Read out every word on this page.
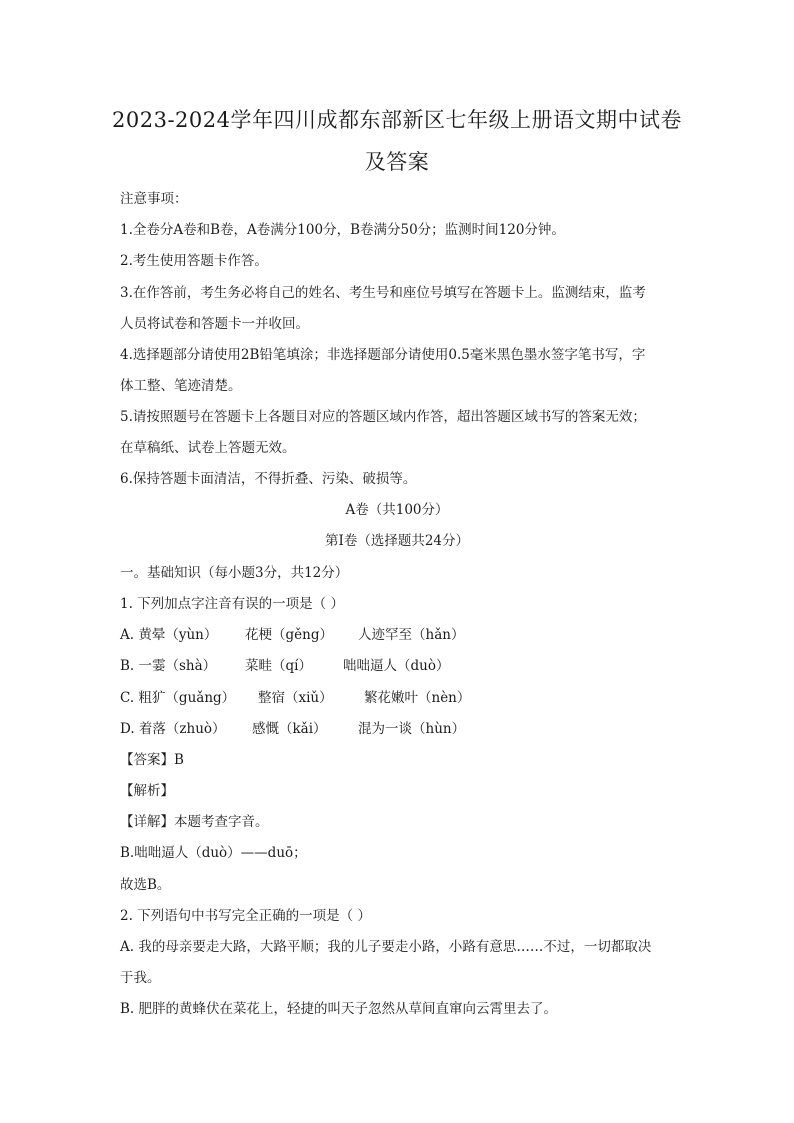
2023-2024学年四川成都东部新区七年级上册语文期中试卷
及答案
注意事项：
1.全卷分A卷和B卷，A卷满分100分，B卷满分50分；监测时间120分钟。
2.考生使用答题卡作答。
3.在作答前，考生务必将自己的姓名、考生号和座位号填写在答题卡上。监测结束，监考
人员将试卷和答题卡一并收回。
4.选择题部分请使用2B铅笔填涂；非选择题部分请使用0.5毫米黑色墨水签字笔书写，字
体工整、笔迹清楚。
5.请按照题号在答题卡上各题目对应的答题区域内作答，超出答题区域书写的答案无效；
在草稿纸、试卷上答题无效。
6.保持答题卡面清洁，不得折叠、污染、破损等。
A卷（共100分）
第Ⅰ卷（选择题共24分）
一。基础知识（每小题3分，共12分）
1. 下列加点字注音有误的一项是（ ）
A. 黄晕（yùn） 花梗（gěng） 人迹罕至（hǎn）
B. 一霎（shà） 菜畦（qí） 咄咄逼人（duò）
C. 粗犷（guǎng） 整宿（xiǔ） 繁花嫩叶（nèn）
D. 着落（zhuò） 感慨（kǎi） 混为一谈（hùn）
【答案】B
【解析】
【详解】本题考查字音。
B.咄咄逼人（duò）——duō；
故选B。
2. 下列语句中书写完全正确的一项是（ ）
A. 我的母亲要走大路，大路平顺；我的儿子要走小路，小路有意思……不过，一切都取决
于我。
B. 肥胖的黄蜂伏在菜花上，轻捷的叫天子忽然从草间直窜向云霄里去了。
